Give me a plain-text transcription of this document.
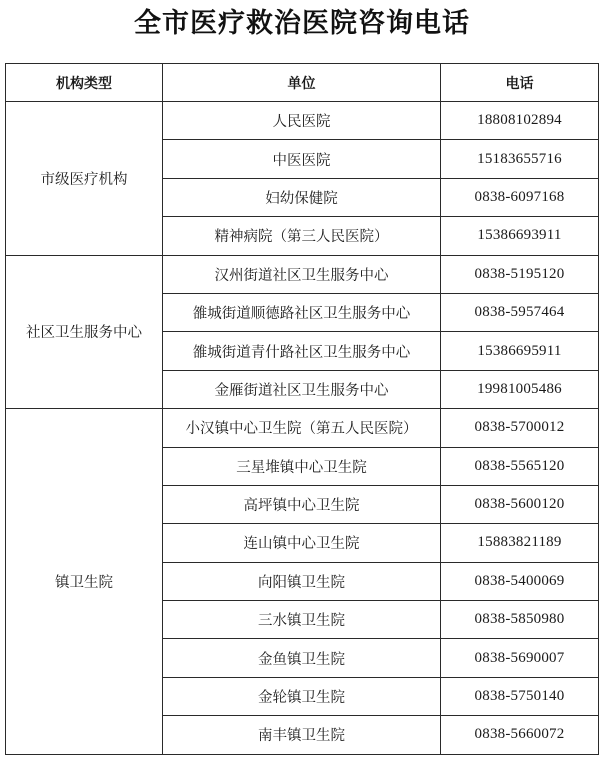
全市医疗救治医院咨询电话
机构类型	单位	电话
市级医疗机构	人民医院	18808102894
	中医医院	15183655716
	妇幼保健院	0838-6097168
	精神病院（第三人民医院）	15386693911
社区卫生服务中心	汉州街道社区卫生服务中心	0838-5195120
	雒城街道顺德路社区卫生服务中心	0838-5957464
	雒城街道青什路社区卫生服务中心	15386695911
	金雁街道社区卫生服务中心	19981005486
镇卫生院	小汉镇中心卫生院（第五人民医院）	0838-5700012
	三星堆镇中心卫生院	0838-5565120
	高坪镇中心卫生院	0838-5600120
	连山镇中心卫生院	15883821189
	向阳镇卫生院	0838-5400069
	三水镇卫生院	0838-5850980
	金鱼镇卫生院	0838-5690007
	金轮镇卫生院	0838-5750140
	南丰镇卫生院	0838-5660072
